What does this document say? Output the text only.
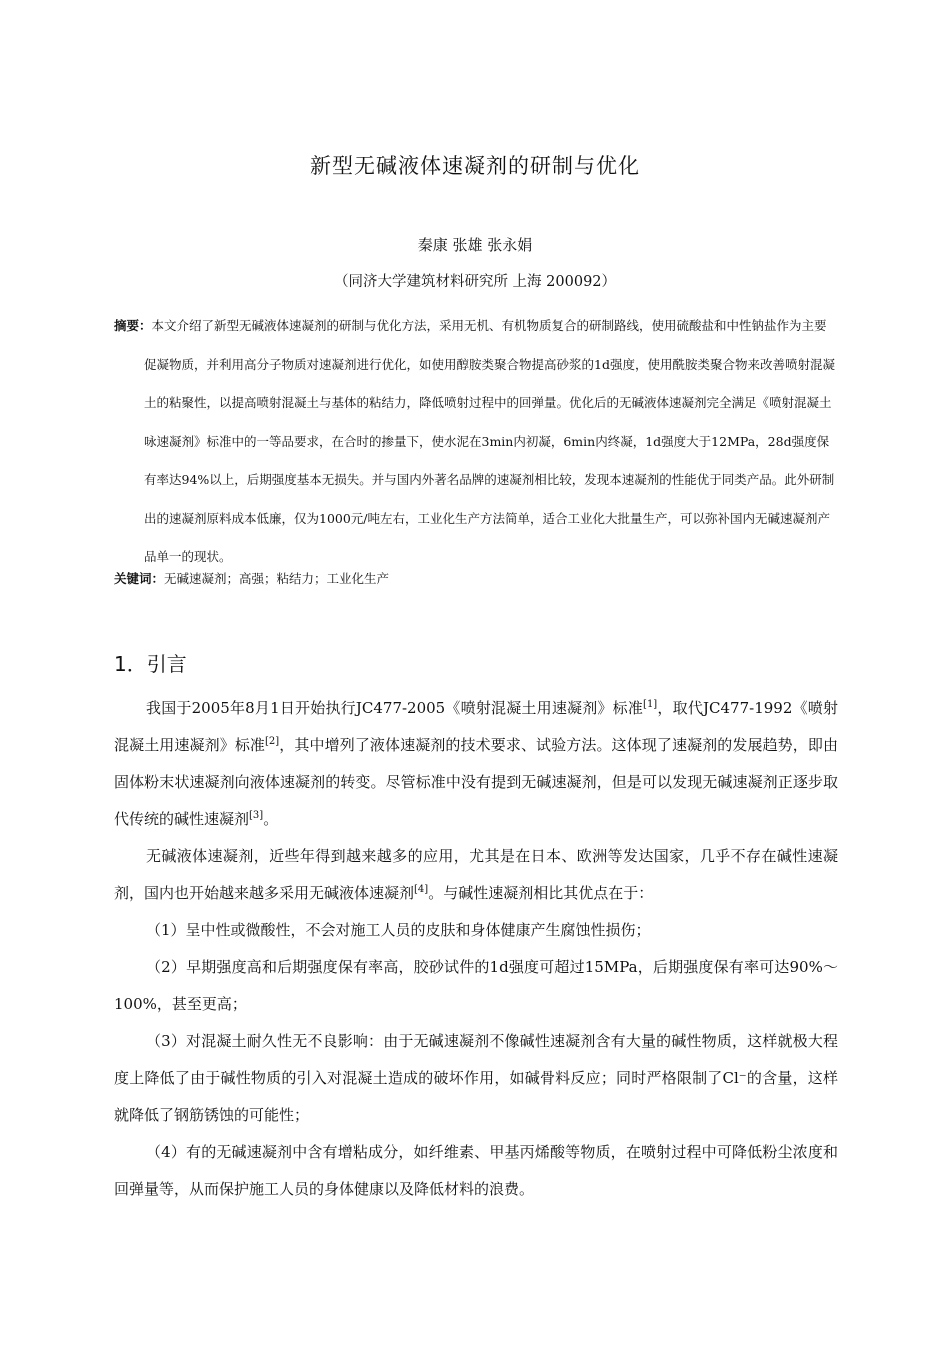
新型无碱液体速凝剂的研制与优化
秦康 张雄 张永娟
（同济大学建筑材料研究所 上海 200092）

摘要：本文介绍了新型无碱液体速凝剂的研制与优化方法，采用无机、有机物质复合的研制路线，使用硫酸盐和中性钠盐作为主要促凝物质，并利用高分子物质对速凝剂进行优化，如使用醇胺类聚合物提高砂浆的1d强度，使用酰胺类聚合物来改善喷射混凝土的粘聚性，以提高喷射混凝土与基体的粘结力，降低喷射过程中的回弹量。优化后的无碱液体速凝剂完全满足《喷射混凝土咏速凝剂》标准中的一等品要求，在合时的掺量下，使水泥在3min内初凝，6min内终凝，1d强度大于12MPa，28d强度保有率达94%以上，后期强度基本无损失。并与国内外著名品牌的速凝剂相比较，发现本速凝剂的性能优于同类产品。此外研制出的速凝剂原料成本低廉，仅为1000元/吨左右，工业化生产方法简单，适合工业化大批量生产，可以弥补国内无碱速凝剂产品单一的现状。

关键词：无碱速凝剂；高强；粘结力；工业化生产
1．引言

我国于2005年8月1日开始执行JC477-2005《喷射混凝土用速凝剂》标准[1]，取代JC477-1992《喷射混凝土用速凝剂》标准[2]，其中增列了液体速凝剂的技术要求、试验方法。这体现了速凝剂的发展趋势，即由固体粉末状速凝剂向液体速凝剂的转变。尽管标准中没有提到无碱速凝剂，但是可以发现无碱速凝剂正逐步取代传统的碱性速凝剂[3]。

无碱液体速凝剂，近些年得到越来越多的应用，尤其是在日本、欧洲等发达国家，几乎不存在碱性速凝剂，国内也开始越来越多采用无碱液体速凝剂[4]。与碱性速凝剂相比其优点在于：

（1）呈中性或微酸性，不会对施工人员的皮肤和身体健康产生腐蚀性损伤；

（2）早期强度高和后期强度保有率高，胶砂试件的1d强度可超过15MPa，后期强度保有率可达90%～100%，甚至更高；

（3）对混凝土耐久性无不良影响：由于无碱速凝剂不像碱性速凝剂含有大量的碱性物质，这样就极大程度上降低了由于碱性物质的引入对混凝土造成的破坏作用，如碱骨料反应；同时严格限制了Cl⁻的含量，这样就降低了钢筋锈蚀的可能性；

（4）有的无碱速凝剂中含有增粘成分，如纤维素、甲基丙烯酸等物质，在喷射过程中可降低粉尘浓度和回弹量等，从而保护施工人员的身体健康以及降低材料的浪费。
